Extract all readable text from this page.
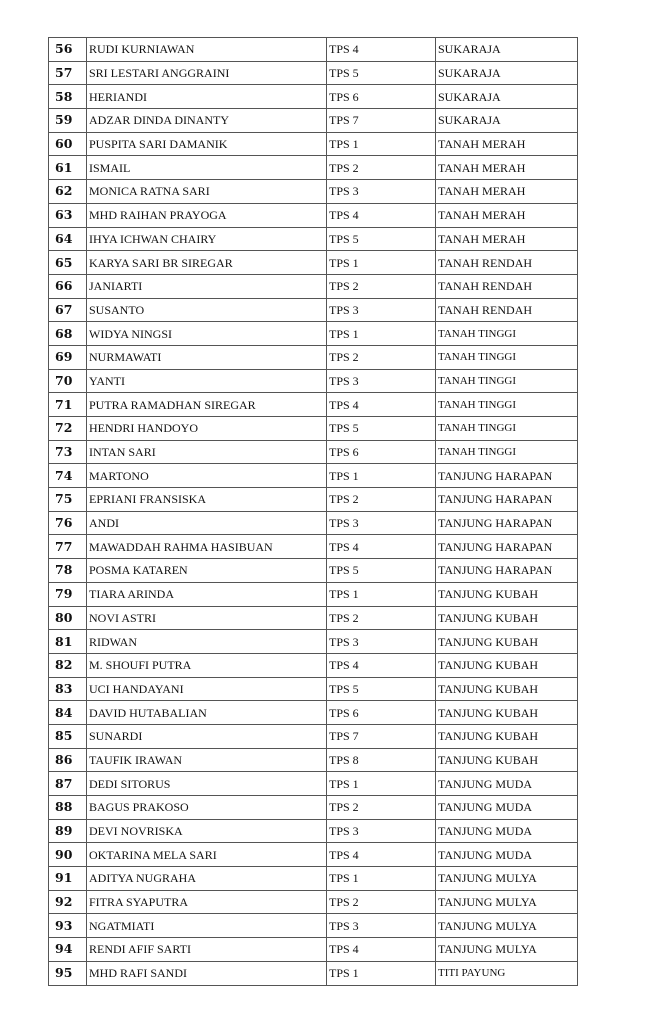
56	RUDI KURNIAWAN	TPS 4	SUKARAJA
57	SRI LESTARI ANGGRAINI	TPS 5	SUKARAJA
58	HERIANDI	TPS 6	SUKARAJA
59	ADZAR DINDA DINANTY	TPS 7	SUKARAJA
60	PUSPITA SARI DAMANIK	TPS 1	TANAH MERAH
61	ISMAIL	TPS 2	TANAH MERAH
62	MONICA RATNA SARI	TPS 3	TANAH MERAH
63	MHD RAIHAN PRAYOGA	TPS 4	TANAH MERAH
64	IHYA ICHWAN CHAIRY	TPS 5	TANAH MERAH
65	KARYA SARI BR SIREGAR	TPS 1	TANAH RENDAH
66	JANIARTI	TPS 2	TANAH RENDAH
67	SUSANTO	TPS 3	TANAH RENDAH
68	WIDYA NINGSI	TPS 1	TANAH TINGGI
69	NURMAWATI	TPS 2	TANAH TINGGI
70	YANTI	TPS 3	TANAH TINGGI
71	PUTRA RAMADHAN SIREGAR	TPS 4	TANAH TINGGI
72	HENDRI HANDOYO	TPS 5	TANAH TINGGI
73	INTAN SARI	TPS 6	TANAH TINGGI
74	MARTONO	TPS 1	TANJUNG HARAPAN
75	EPRIANI FRANSISKA	TPS 2	TANJUNG HARAPAN
76	ANDI	TPS 3	TANJUNG HARAPAN
77	MAWADDAH RAHMA HASIBUAN	TPS 4	TANJUNG HARAPAN
78	POSMA KATAREN	TPS 5	TANJUNG HARAPAN
79	TIARA ARINDA	TPS 1	TANJUNG KUBAH
80	NOVI ASTRI	TPS 2	TANJUNG KUBAH
81	RIDWAN	TPS 3	TANJUNG KUBAH
82	M. SHOUFI PUTRA	TPS 4	TANJUNG KUBAH
83	UCI HANDAYANI	TPS 5	TANJUNG KUBAH
84	DAVID HUTABALIAN	TPS 6	TANJUNG KUBAH
85	SUNARDI	TPS 7	TANJUNG KUBAH
86	TAUFIK IRAWAN	TPS 8	TANJUNG KUBAH
87	DEDI SITORUS	TPS 1	TANJUNG MUDA
88	BAGUS PRAKOSO	TPS 2	TANJUNG MUDA
89	DEVI NOVRISKA	TPS 3	TANJUNG MUDA
90	OKTARINA MELA SARI	TPS 4	TANJUNG MUDA
91	ADITYA NUGRAHA	TPS 1	TANJUNG MULYA
92	FITRA SYAPUTRA	TPS 2	TANJUNG MULYA
93	NGATMIATI	TPS 3	TANJUNG MULYA
94	RENDI AFIF SARTI	TPS 4	TANJUNG MULYA
95	MHD RAFI SANDI	TPS 1	TITI PAYUNG
